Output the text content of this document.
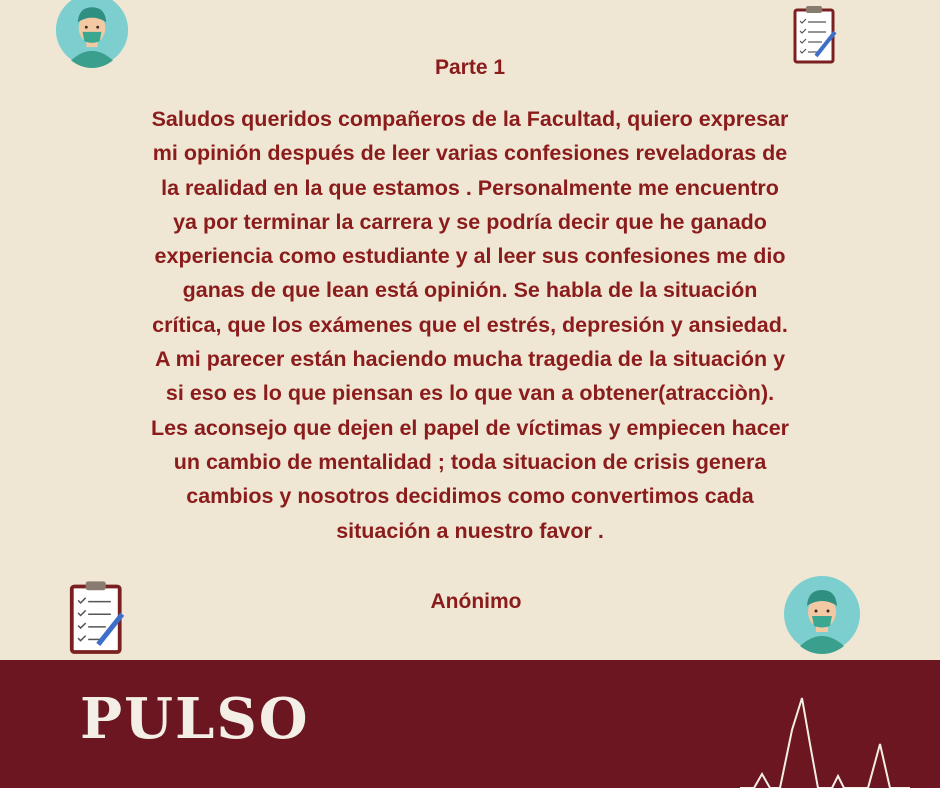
Parte 1

Saludos queridos compañeros de la Facultad, quiero expresar
mi opinión después de leer varias confesiones reveladoras de
la realidad en la que estamos . Personalmente me encuentro
ya por terminar la carrera y se podría decir que he ganado
experiencia como estudiante y al leer sus confesiones me dio
ganas de que lean está opinión. Se habla de la situación
crítica, que los exámenes que el estrés, depresión y ansiedad.
A mi parecer están haciendo mucha tragedia de la situación y
si eso es lo que piensan es lo que van a obtener(atracciòn).
Les aconsejo que dejen el papel de víctimas y empiecen hacer
un cambio de mentalidad ; toda situacion de crisis genera
cambios y nosotros decidimos como convertimos cada
situación a nuestro favor .

Anónimo
PULSO
